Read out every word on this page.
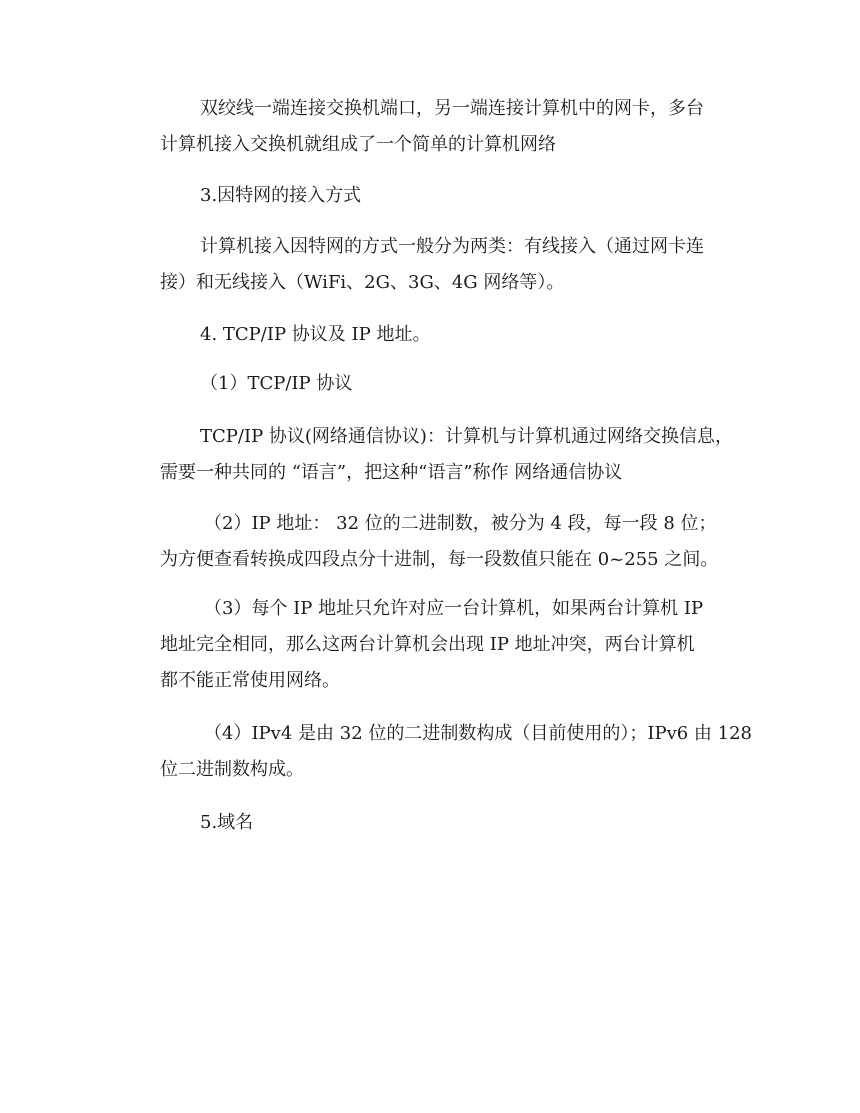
双绞线一端连接交换机端口，另一端连接计算机中的网卡，多台
计算机接入交换机就组成了一个简单的计算机网络
3.因特网的接入方式
计算机接入因特网的方式一般分为两类：有线接入（通过网卡连
接）和无线接入（WiFi、2G、3G、4G 网络等）。
4. TCP/IP 协议及 IP 地址。
（1）TCP/IP 协议
TCP/IP 协议(网络通信协议)：计算机与计算机通过网络交换信息，
需要一种共同的 “语言”，把这种“语言”称作 网络通信协议
（2）IP 地址： 32 位的二进制数，被分为 4 段，每一段 8 位；
为方便查看转换成四段点分十进制，每一段数值只能在 0~255 之间。
（3）每个 IP 地址只允许对应一台计算机，如果两台计算机 IP
地址完全相同，那么这两台计算机会出现 IP 地址冲突，两台计算机
都不能正常使用网络。
（4）IPv4 是由 32 位的二进制数构成（目前使用的）；IPv6 由 128
位二进制数构成。
5.域名
